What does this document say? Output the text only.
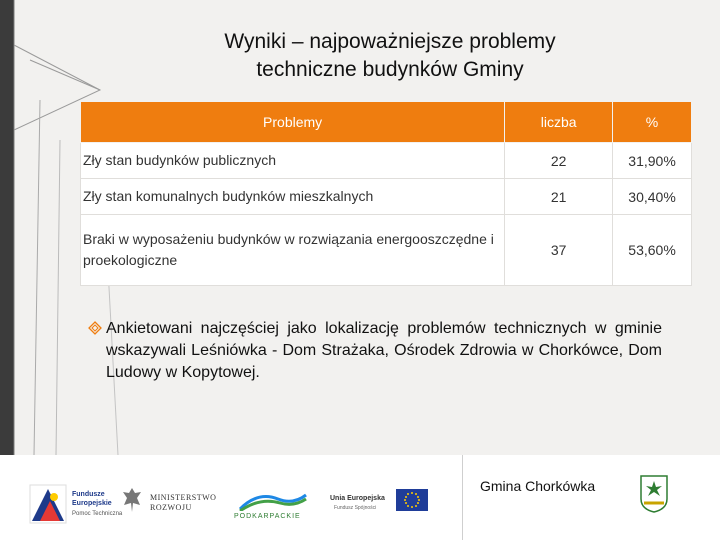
Wyniki – najpoważniejsze problemy
techniczne budynków Gminy
Problemy	liczba	%
Zły stan budynków publicznych	22	31,90%
Zły stan komunalnych budynków mieszkalnych	21	30,40%
Braki w wyposażeniu budynków w rozwiązania energooszczędne i proekologiczne	37	53,60%
Ankietowani najczęściej jako lokalizację problemów technicznych w gminie wskazywali Leśniówka - Dom Strażaka, Ośrodek Zdrowia w Chorkówce, Dom Ludowy w Kopytowej.
Fundusze
Europejskie
Pomoc Techniczna
MINISTERSTWO
ROZWOJU
PODKARPACKIE
Unia Europejska
Fundusz Spójności
Gmina Chorkówka
